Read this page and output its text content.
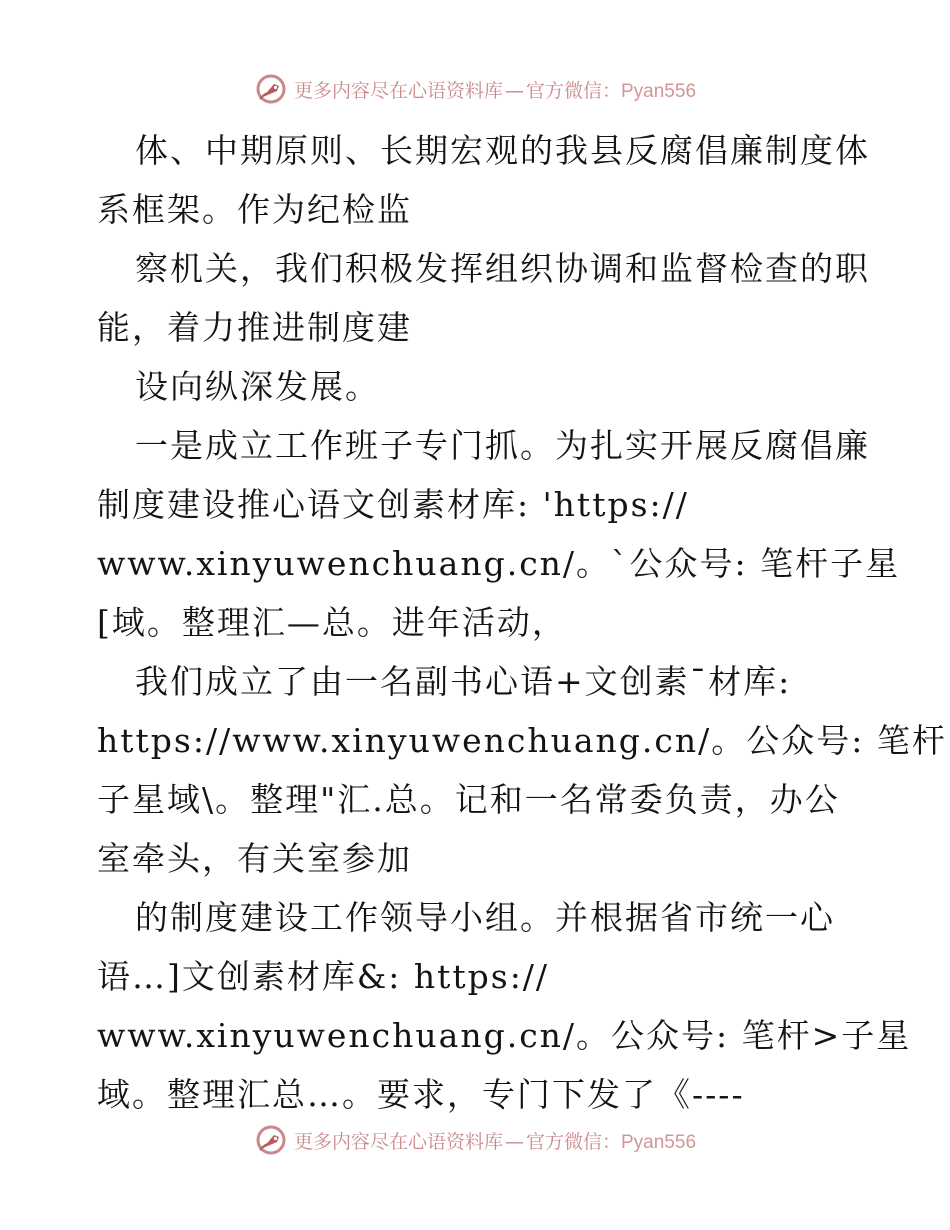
更多内容尽在心语资料库 — 官方微信：Pyan556
体、中期原则、长期宏观的我县反腐倡廉制度体
系框架。作为纪检监
察机关，我们积极发挥组织协调和监督检查的职
能，着力推进制度建
设向纵深发展。
一是成立工作班子专门抓。为扎实开展反腐倡廉
制度建设推心语文创素材库: 'https://
www.xinyuwenchuang.cn/。`公众号: 笔杆子星
[域。整理汇—总。进年活动，
我们成立了由一名副书心语+文创素¯材库:
https://www.xinyuwenchuang.cn/。公众号: 笔杆
子星域\。整理"汇.总。记和一名常委负责，办公
室牵头，有关室参加
的制度建设工作领导小组。并根据省市统一心
语…]文创素材库&: https://
www.xinyuwenchuang.cn/。公众号: 笔杆>子星
域。整理汇总…。要求，专门下发了《----
更多内容尽在心语资料库 — 官方微信：Pyan556
